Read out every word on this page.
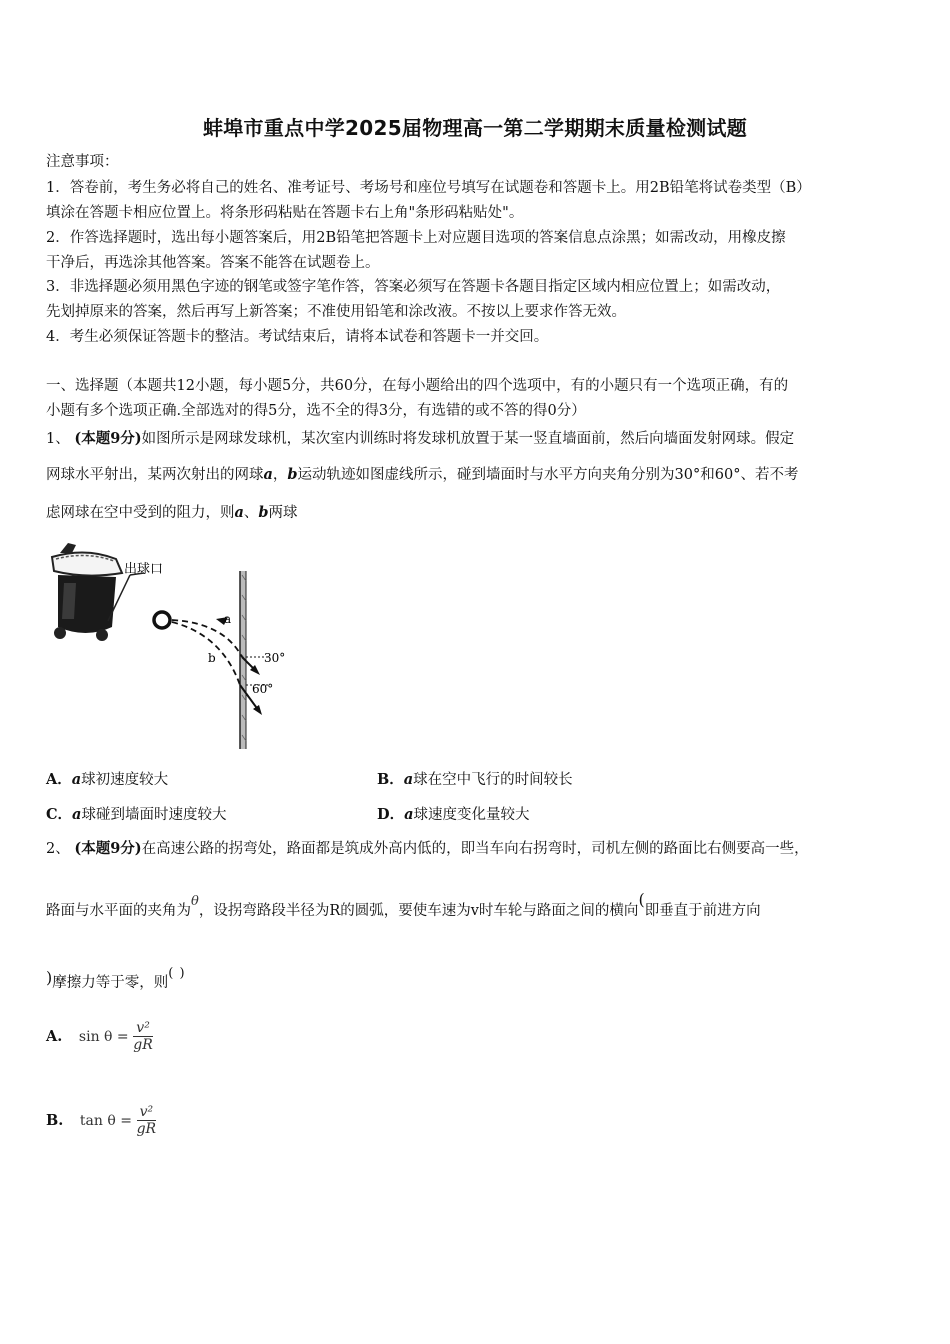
蚌埠市重点中学2025届物理高一第二学期期末质量检测试题
注意事项：
1．答卷前，考生务必将自己的姓名、准考证号、考场号和座位号填写在试题卷和答题卡上。用2B铅笔将试卷类型（B）
填涂在答题卡相应位置上。将条形码粘贴在答题卡右上角"条形码粘贴处"。
2．作答选择题时，选出每小题答案后，用2B铅笔把答题卡上对应题目选项的答案信息点涂黑；如需改动，用橡皮擦
干净后，再选涂其他答案。答案不能答在试题卷上。
3．非选择题必须用黑色字迹的钢笔或签字笔作答，答案必须写在答题卡各题目指定区域内相应位置上；如需改动，
先划掉原来的答案，然后再写上新答案；不准使用铅笔和涂改液。不按以上要求作答无效。
4．考生必须保证答题卡的整洁。考试结束后，请将本试卷和答题卡一并交回。
一、选择题（本题共12小题，每小题5分，共60分，在每小题给出的四个选项中，有的小题只有一个选项正确，有的
小题有多个选项正确.全部选对的得5分，选不全的得3分，有选错的或不答的得0分）
1、 (本题9分)如图所示是网球发球机，某次室内训练时将发球机放置于某一竖直墙面前，然后向墙面发射网球。假定
网球水平射出，某两次射出的网球a，b运动轨迹如图虚线所示，碰到墙面时与水平方向夹角分别为30°和60°、若不考
虑网球在空中受到的阻力，则a、b两球
出球口
a
b	30°
60°
A．a球初速度较大	B．a球在空中飞行的时间较长
C．a球碰到墙面时速度较大	D．a球速度变化量较大
2、 (本题9分)在高速公路的拐弯处，路面都是筑成外高内低的，即当车向右拐弯时，司机左侧的路面比右侧要高一些，
路面与水平面的夹角为θ，设拐弯路段半径为R的圆弧，要使车速为v时车轮与路面之间的横向(即垂直于前进方向
)摩擦力等于零，则( )
A. $\sin \theta = \frac{\text{v²}}{gR}$
B. $\tan \theta = \frac{\text{v²}}{gR}$
